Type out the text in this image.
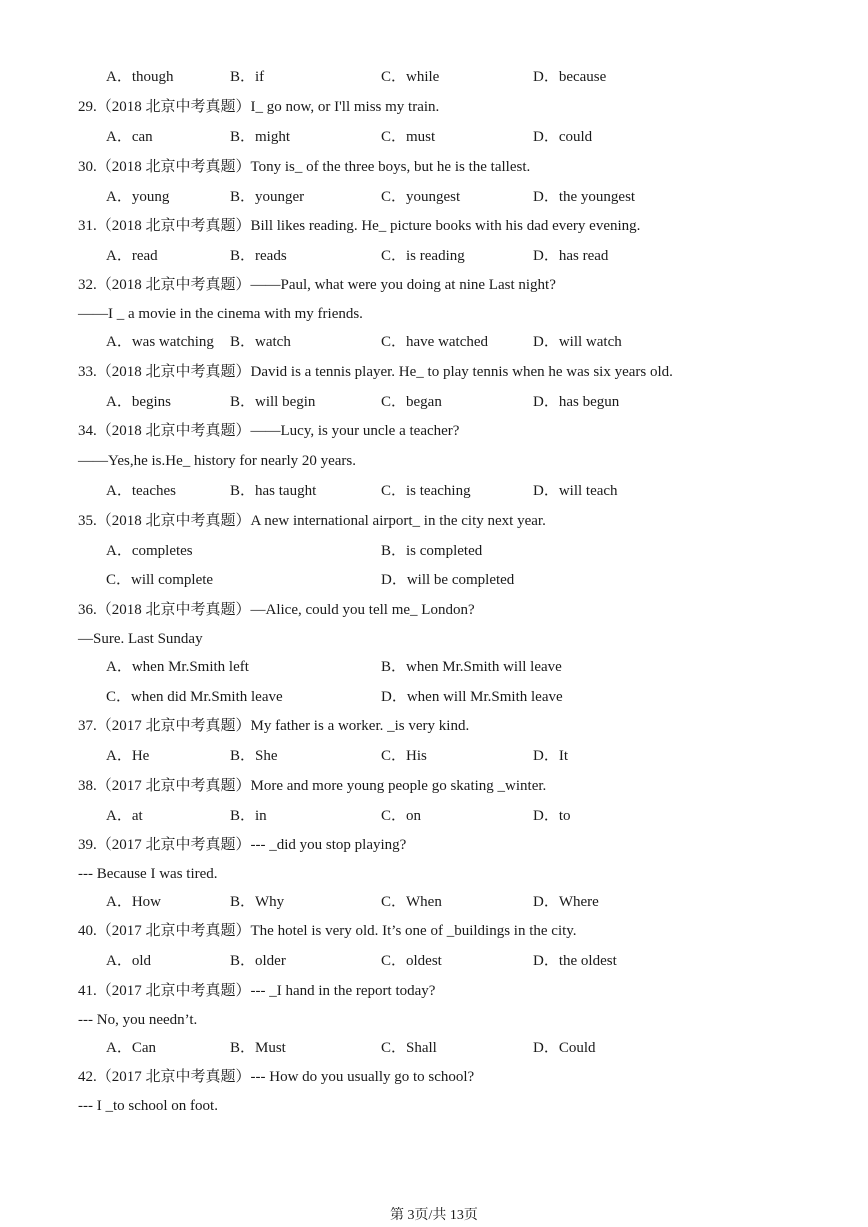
A．though	B．if	C．while	D．because
29.（2018 北京中考真题）I_ go now, or I'll miss my train.
A．can	B．might	C．must	D．could
30.（2018 北京中考真题）Tony is_ of the three boys, but he is the tallest.
A．young	B．younger	C．youngest	D．the youngest
31.（2018 北京中考真题）Bill likes reading. He_ picture books with his dad every evening.
A．read	B．reads	C．is reading	D．has read
32.（2018 北京中考真题）——Paul, what were you doing at nine Last night?
——I _ a movie in the cinema with my friends.
A．was watching B．watch	C．have watched	D．will watch
33.（2018 北京中考真题）David is a tennis player. He_ to play tennis when he was six years old.
A．begins	B．will begin	C．began	D．has begun
34.（2018 北京中考真题）——Lucy, is your uncle a teacher?
——Yes,he is.He_ history for nearly 20 years.
A．teaches	B．has taught	C．is teaching	D．will teach
35.（2018 北京中考真题）A new international airport_ in the city next year.
A．completes	B．is completed
C．will complete	D．will be completed
36.（2018 北京中考真题）—Alice, could you tell me_ London?
—Sure. Last Sunday
A．when Mr.Smith left	B．when Mr.Smith will leave
C．when did Mr.Smith leave	D．when will Mr.Smith leave
37.（2017 北京中考真题）My father is a worker. _is very kind.
A．He	B．She	C．His	D．It
38.（2017 北京中考真题）More and more young people go skating _winter.
A．at	B．in	C．on	D．to
39.（2017 北京中考真题）--- _did you stop playing?
--- Because I was tired.
A．How	B．Why	C．When	D．Where
40.（2017 北京中考真题）The hotel is very old. It’s one of _buildings in the city.
A．old	B．older	C．oldest	D．the oldest
41.（2017 北京中考真题）--- _I hand in the report today?
--- No, you needn’t.
A．Can	B．Must	C．Shall	D．Could
42.（2017 北京中考真题）--- How do you usually go to school?
--- I _to school on foot.
第 3页/共 13页
